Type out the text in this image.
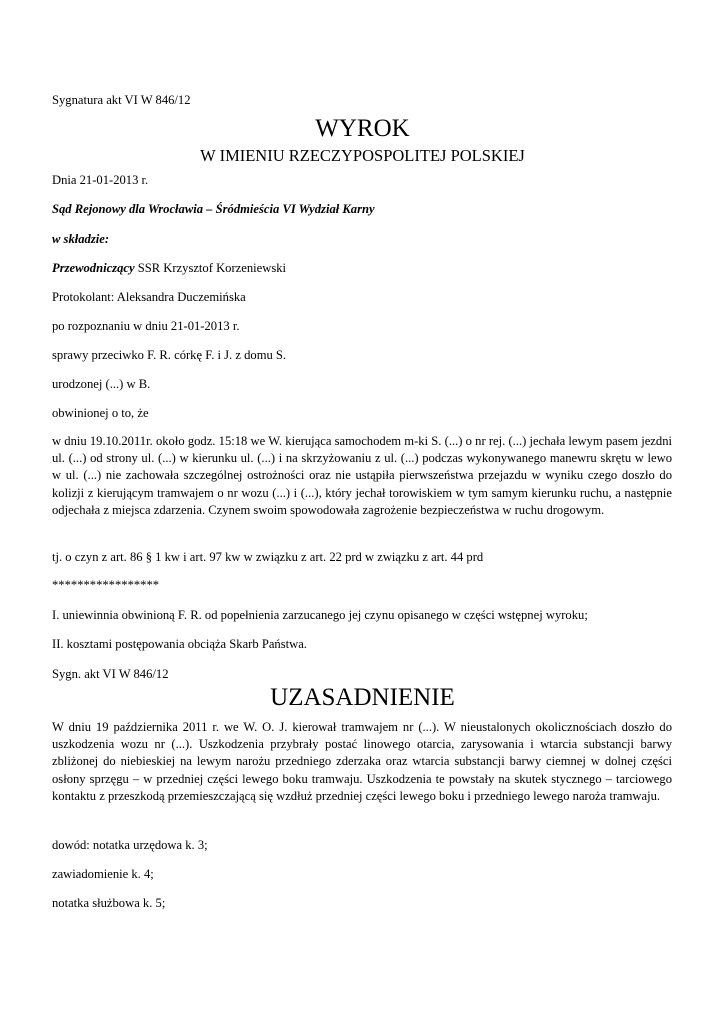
Sygnatura akt VI W 846/12
WYROK
W IMIENIU RZECZYPOSPOLITEJ POLSKIEJ
Dnia 21-01-2013 r.
Sąd Rejonowy dla Wrocławia – Śródmieścia VI Wydział Karny
w składzie:
Przewodniczący SSR Krzysztof Korzeniewski
Protokolant: Aleksandra Duczemińska
po rozpoznaniu w dniu 21-01-2013 r.
sprawy przeciwko F. R. córkę F. i J. z domu S.
urodzonej (...) w B.
obwinionej o to, że
w dniu 19.10.2011r. około godz. 15:18 we W. kierująca samochodem m-ki S. (...) o nr rej. (...) jechała lewym pasem jezdni ul. (...) od strony ul. (...) w kierunku ul. (...) i na skrzyżowaniu z ul. (...) podczas wykonywanego manewru skrętu w lewo w ul. (...) nie zachowała szczególnej ostrożności oraz nie ustąpiła pierwszeństwa przejazdu w wyniku czego doszło do kolizji z kierującym tramwajem o nr wozu (...) i (...), który jechał torowiskiem w tym samym kierunku ruchu, a następnie odjechała z miejsca zdarzenia. Czynem swoim spowodowała zagrożenie bezpieczeństwa w ruchu drogowym.
tj. o czyn z art. 86 § 1 kw i art. 97 kw w związku z art. 22 prd w związku z art. 44 prd
*****************
I. uniewinnia obwinioną F. R. od popełnienia zarzucanego jej czynu opisanego w części wstępnej wyroku;
II. kosztami postępowania obciąża Skarb Państwa.
Sygn. akt VI W 846/12
UZASADNIENIE
W dniu 19 października 2011 r. we W. O. J. kierował tramwajem nr (...). W nieustalonych okolicznościach doszło do uszkodzenia wozu nr (...). Uszkodzenia przybrały postać linowego otarcia, zarysowania i wtarcia substancji barwy zbliżonej do niebieskiej na lewym narożu przedniego zderzaka oraz wtarcia substancji barwy ciemnej w dolnej części osłony sprzęgu – w przedniej części lewego boku tramwaju. Uszkodzenia te powstały na skutek stycznego – tarciowego kontaktu z przeszkodą przemieszczającą się wzdłuż przedniej części lewego boku i przedniego lewego naroża tramwaju.
dowód: notatka urzędowa k. 3;
zawiadomienie k. 4;
notatka służbowa k. 5;
